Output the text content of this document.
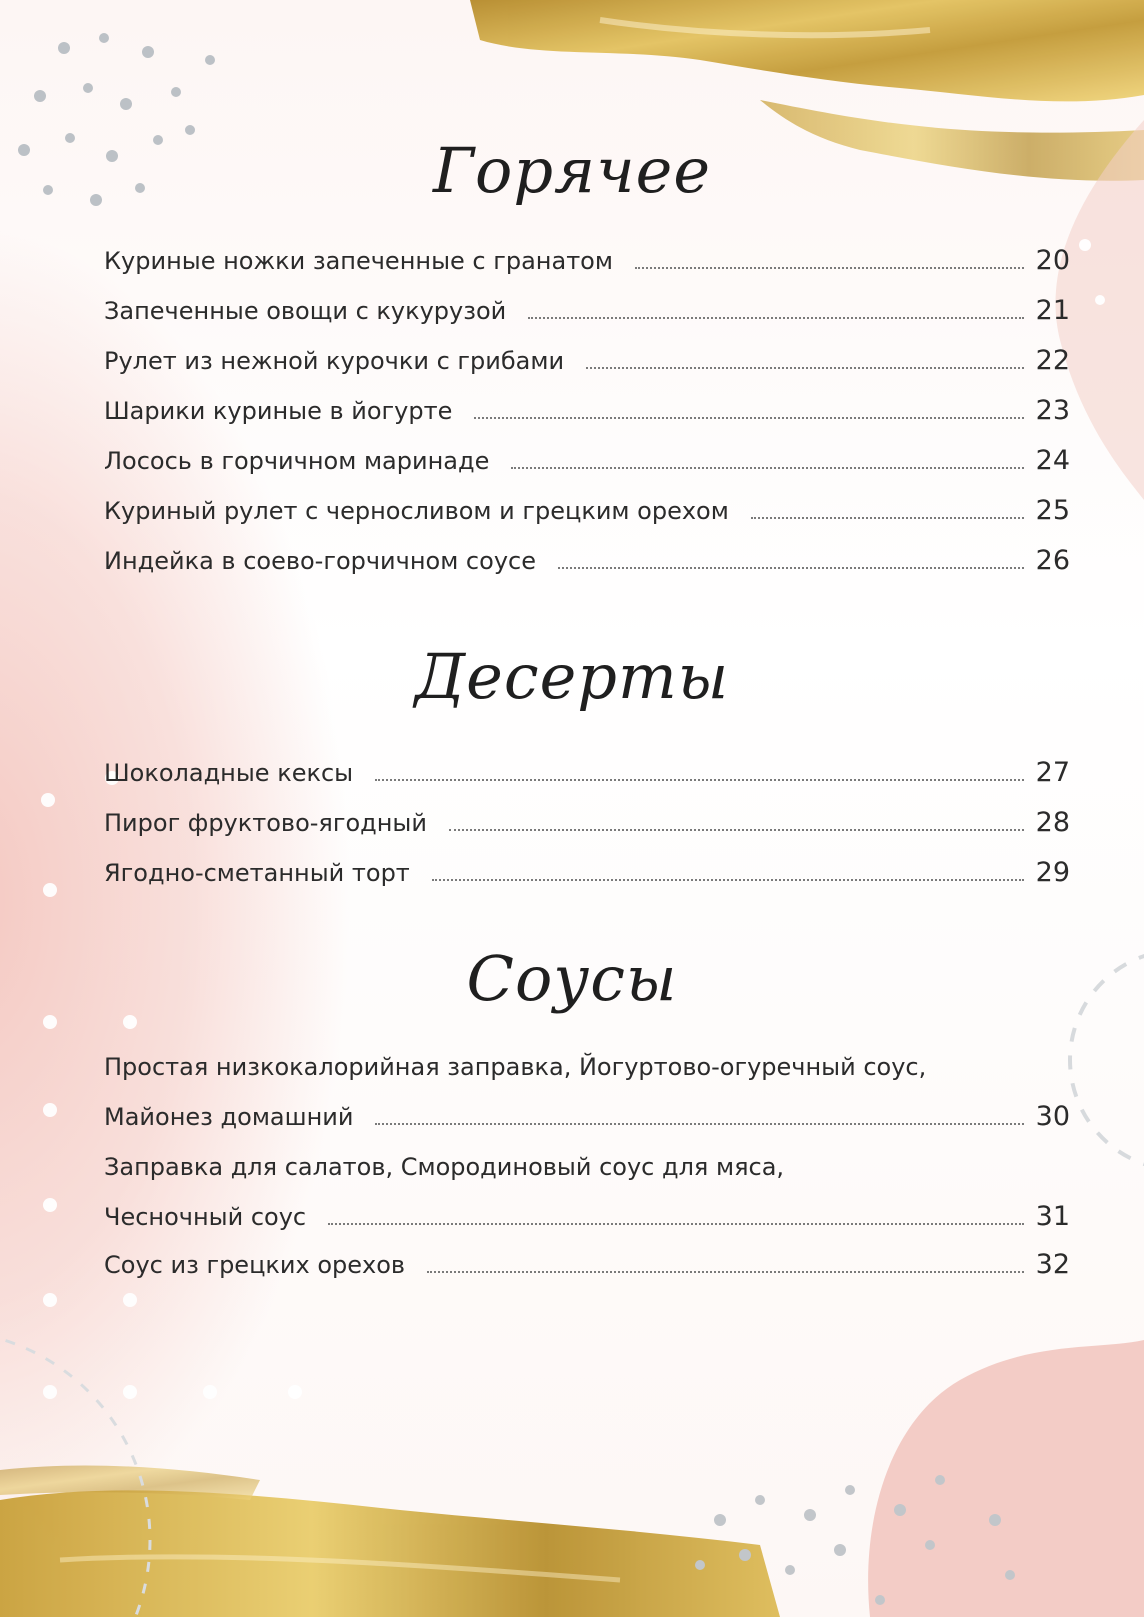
Горячее
Куриные ножки запеченные с гранатом	20
Запеченные овощи с кукурузой	21
Рулет из нежной курочки с грибами	22
Шарики куриные в йогурте	23
Лосось в горчичном маринаде	24
Куриный рулет с черносливом и грецким орехом	25
Индейка в соево-горчичном соусе	26
Десерты
Шоколадные кексы	27
Пирог фруктово-ягодный	28
Ягодно-сметанный торт	29
Соусы
Простая низкокалорийная заправка, Йогуртово-огуречный соус,
Майонез домашний	30
Заправка для салатов, Смородиновый соус для мяса,
Чесночный соус	31
Соус из грецких орехов	32
